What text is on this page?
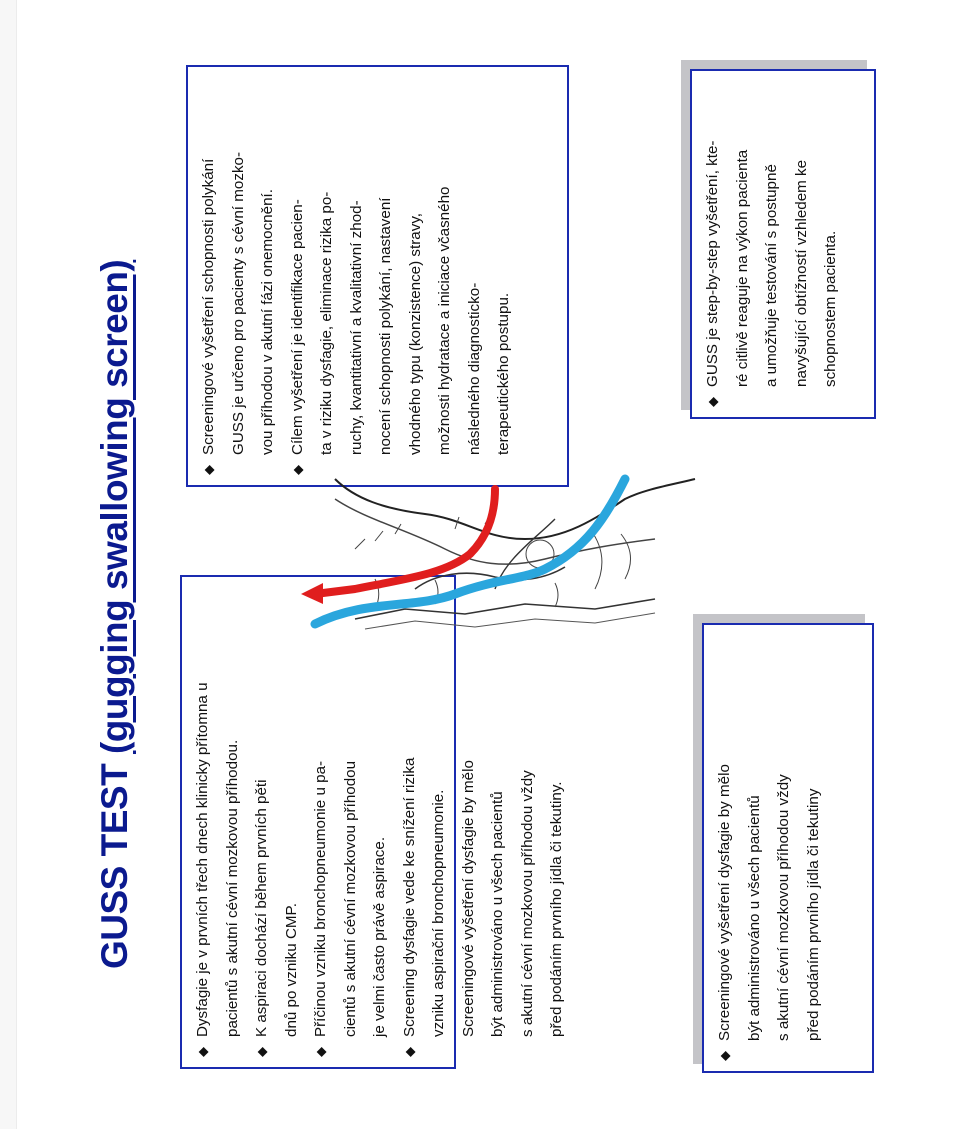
GUSS TEST (gugging swallowing screen)
◆
Dysfagie je v prvních třech dnech klinicky přítomna u
pacientů s akutní cévní mozkovou příhodou.
◆
K aspiraci dochází během prvních pěti
dnů po vzniku CMP.
◆
Příčinou vzniku bronchopneumonie u pa-
cientů s akutní cévní mozkovou příhodou
je velmi často právě aspirace.
◆
Screening dysfagie vede ke snížení rizika
vzniku aspirační bronchopneumonie.
Screeningové vyšetření dysfagie by mělo
být administrováno u všech pacientů
s akutní cévní mozkovou příhodou vždy
před podáním prvního jídla či tekutiny.
◆
Screeningové vyšetření schopnosti polykání
GUSS je určeno pro pacienty s cévní mozko-
vou příhodou v akutní fázi onemocnění.
◆
Cílem vyšetření je identifikace pacien-
ta v riziku dysfagie, eliminace rizika po-
ruchy, kvantitativní a kvalitativní zhod-
nocení schopnosti polykání, nastavení
vhodného typu (konzistence) stravy,
možnosti hydratace a iniciace včasného
následného diagnosticko-
terapeutického postupu.
◆
Screeningové vyšetření dysfagie by mělo
být administrováno u všech pacientů
s akutní cévní mozkovou příhodou vždy
před podáním prvního jídla či tekutiny
◆
GUSS je step-by-step vyšetření, kte-
ré citlivě reaguje na výkon pacienta
a umožňuje testování s postupně
navyšující obtížností vzhledem ke
schopnostem pacienta.
